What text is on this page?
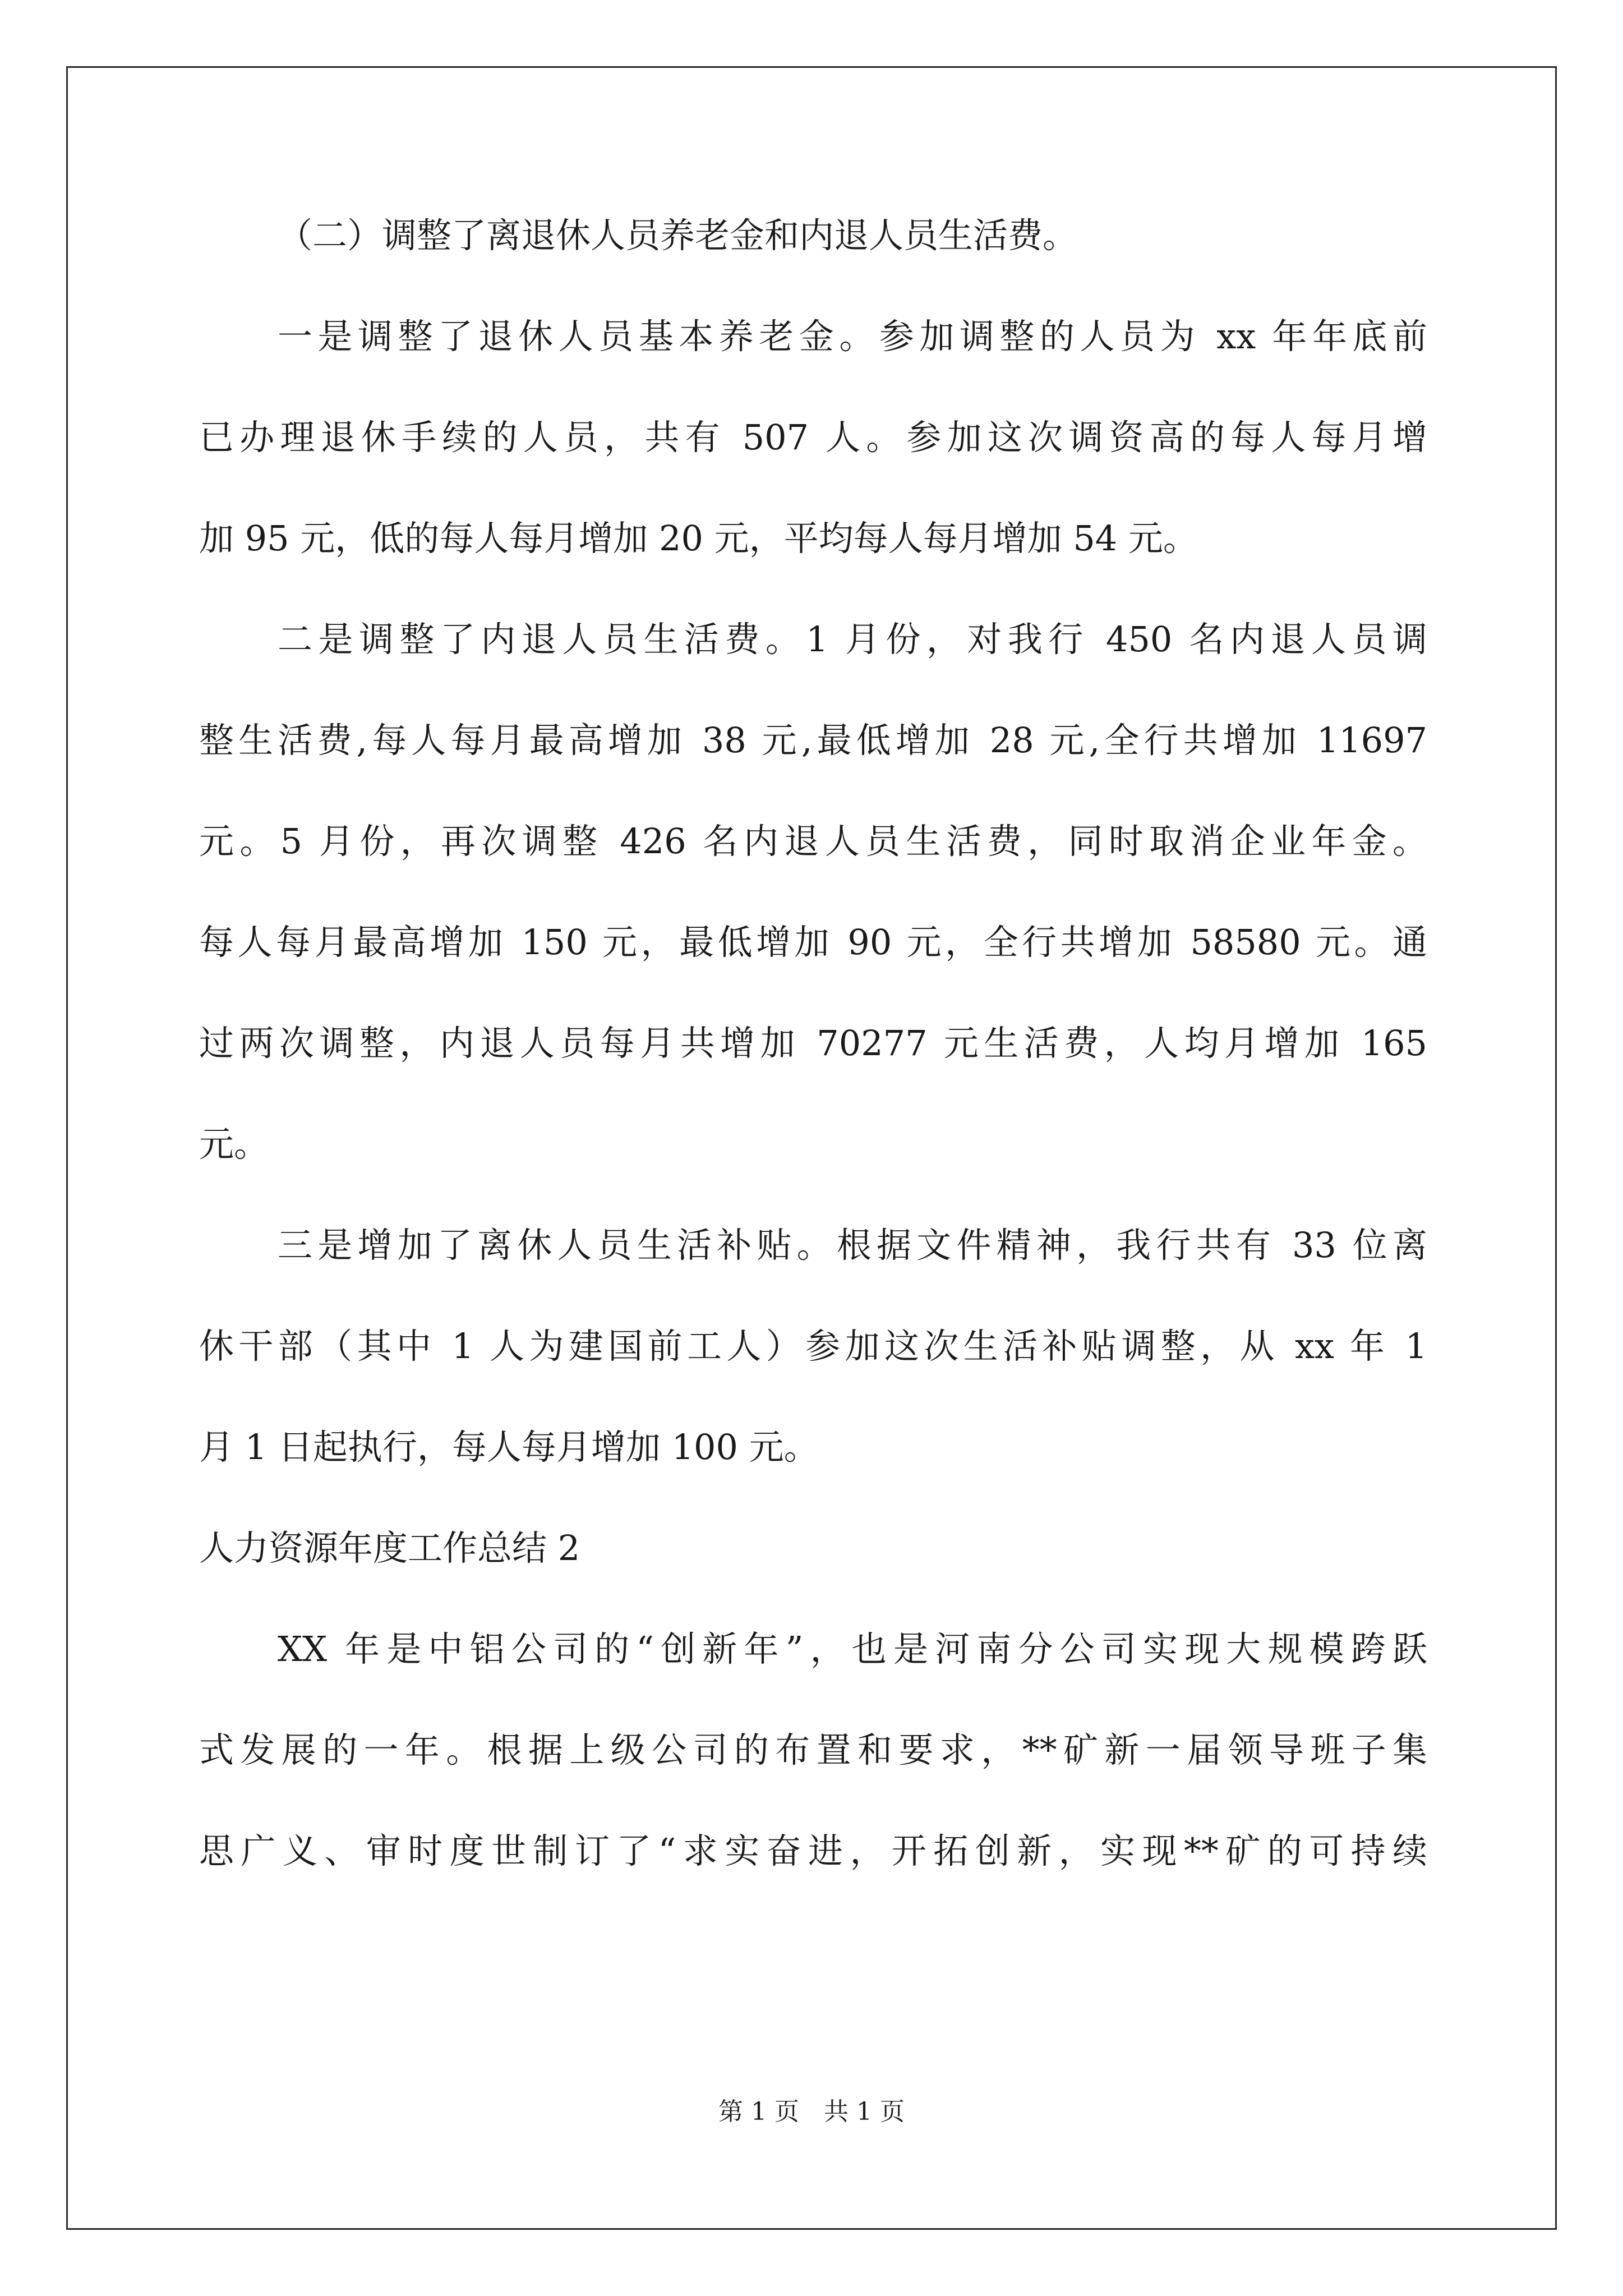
（二）调整了离退休人员养老金和内退人员生活费。
一是调整了退休人员基本养老金。参加调整的人员为 xx 年年底前
已办理退休手续的人员，共有 507 人。参加这次调资高的每人每月增
加 95 元，低的每人每月增加 20 元，平均每人每月增加 54 元。
二是调整了内退人员生活费。1 月份，对我行 450 名内退人员调
整生活费,每人每月最高增加 38 元,最低增加 28 元,全行共增加 11697
元。5 月份，再次调整 426 名内退人员生活费，同时取消企业年金。
每人每月最高增加 150 元，最低增加 90 元，全行共增加 58580 元。通
过两次调整，内退人员每月共增加 70277 元生活费，人均月增加 165
元。
三是增加了离休人员生活补贴。根据文件精神，我行共有 33 位离
休干部（其中 1 人为建国前工人）参加这次生活补贴调整，从 xx 年 1
月 1 日起执行，每人每月增加 100 元。
人力资源年度工作总结 2
XX 年是中铝公司的“创新年”，也是河南分公司实现大规模跨跃
式发展的一年。根据上级公司的布置和要求，**矿新一届领导班子集
思广义、审时度世制订了“求实奋进，开拓创新，实现**矿的可持续
第 1 页　共 1 页
